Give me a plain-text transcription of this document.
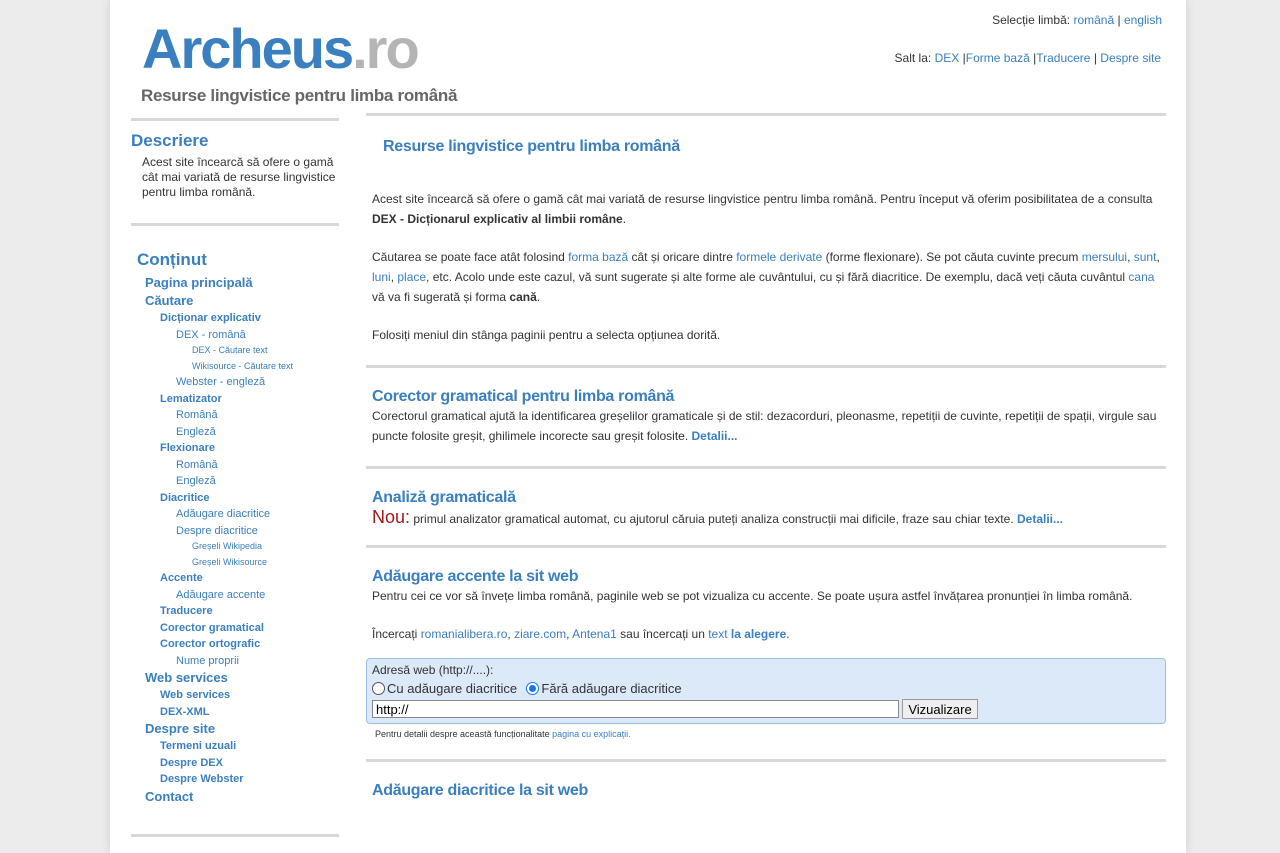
Archeus.ro
Resurse lingvistice pentru limba română
Selecție limbă: română | english
Salt la: DEX |Forme bază |Traducere | Despre site
Descriere
Acest site încearcă să ofere o gamă cât mai variată de resurse lingvistice pentru limba română.
Conținut
Pagina principală
Căutare
Dicționar explicativ
DEX - română
DEX - Căutare text
Wikisource - Căutare text
Webster - engleză
Lematizator
Română
Engleză
Flexionare
Română
Engleză
Diacritice
Adăugare diacritice
Despre diacritice
Greșeli Wikipedia
Greșeli Wikisource
Accente
Adăugare accente
Traducere
Corector gramatical
Corector ortografic
Nume proprii
Web services
Web services
DEX-XML
Despre site
Termeni uzuali
Despre DEX
Despre Webster
Contact
Resurse lingvistice pentru limba română
Acest site încearcă să ofere o gamă cât mai variată de resurse lingvistice pentru limba română. Pentru început vă oferim posibilitatea de a consulta DEX - Dicționarul explicativ al limbii române.
Căutarea se poate face atât folosind forma bază cât și oricare dintre formele derivate (forme flexionare). Se pot căuta cuvinte precum mersului, sunt, luni, place, etc. Acolo unde este cazul, vă sunt sugerate și alte forme ale cuvântului, cu și fără diacritice. De exemplu, dacă veți căuta cuvântul cana vă va fi sugerată și forma cană.
Folosiți meniul din stânga paginii pentru a selecta opțiunea dorită.
Corector gramatical pentru limba română
Corectorul gramatical ajută la identificarea greșelilor gramaticale și de stil: dezacorduri, pleonasme, repetiții de cuvinte, repetiții de spații, virgule sau puncte folosite greșit, ghilimele incorecte sau greșit folosite. Detalii...
Analiză gramaticală
Nou: primul analizator gramatical automat, cu ajutorul căruia puteți analiza construcții mai dificile, fraze sau chiar texte. Detalii...
Adăugare accente la sit web
Pentru cei ce vor să învețe limba română, paginile web se pot vizualiza cu accente. Se poate ușura astfel învățarea pronunției în limba română.
Încercați romanialibera.ro, ziare.com, Antena1 sau încercați un text la alegere.
Adresă web (http://....):
Cu adăugare diacritice Fără adăugare diacritice
http:// Vizualizare
Pentru detalii despre această funcționalitate pagina cu explicații.
Adăugare diacritice la sit web
